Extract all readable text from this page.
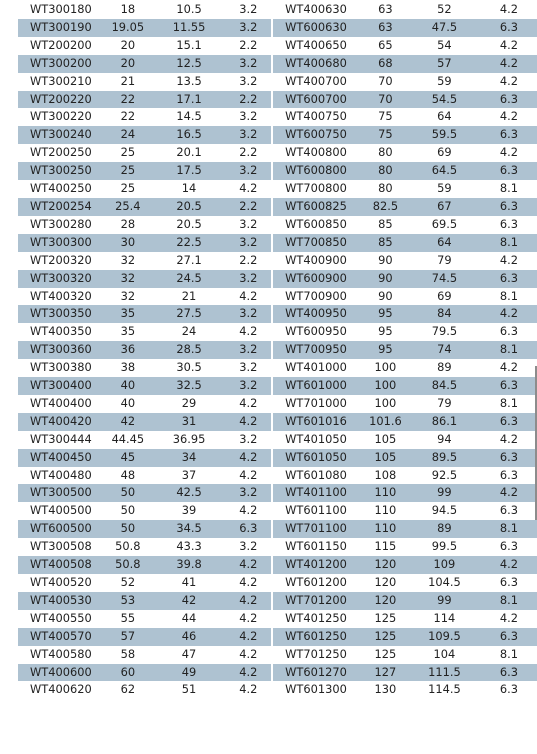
WT300180	18	10.5	3.2
WT300190	19.05	11.55	3.2
WT200200	20	15.1	2.2
WT300200	20	12.5	3.2
WT300210	21	13.5	3.2
WT200220	22	17.1	2.2
WT300220	22	14.5	3.2
WT300240	24	16.5	3.2
WT200250	25	20.1	2.2
WT300250	25	17.5	3.2
WT400250	25	14	4.2
WT200254	25.4	20.5	2.2
WT300280	28	20.5	3.2
WT300300	30	22.5	3.2
WT200320	32	27.1	2.2
WT300320	32	24.5	3.2
WT400320	32	21	4.2
WT300350	35	27.5	3.2
WT400350	35	24	4.2
WT300360	36	28.5	3.2
WT300380	38	30.5	3.2
WT300400	40	32.5	3.2
WT400400	40	29	4.2
WT400420	42	31	4.2
WT300444	44.45	36.95	3.2
WT400450	45	34	4.2
WT400480	48	37	4.2
WT300500	50	42.5	3.2
WT400500	50	39	4.2
WT600500	50	34.5	6.3
WT300508	50.8	43.3	3.2
WT400508	50.8	39.8	4.2
WT400520	52	41	4.2
WT400530	53	42	4.2
WT400550	55	44	4.2
WT400570	57	46	4.2
WT400580	58	47	4.2
WT400600	60	49	4.2
WT400620	62	51	4.2
WT400630	63	52	4.2
WT600630	63	47.5	6.3
WT400650	65	54	4.2
WT400680	68	57	4.2
WT400700	70	59	4.2
WT600700	70	54.5	6.3
WT400750	75	64	4.2
WT600750	75	59.5	6.3
WT400800	80	69	4.2
WT600800	80	64.5	6.3
WT700800	80	59	8.1
WT600825	82.5	67	6.3
WT600850	85	69.5	6.3
WT700850	85	64	8.1
WT400900	90	79	4.2
WT600900	90	74.5	6.3
WT700900	90	69	8.1
WT400950	95	84	4.2
WT600950	95	79.5	6.3
WT700950	95	74	8.1
WT401000	100	89	4.2
WT601000	100	84.5	6.3
WT701000	100	79	8.1
WT601016	101.6	86.1	6.3
WT401050	105	94	4.2
WT601050	105	89.5	6.3
WT601080	108	92.5	6.3
WT401100	110	99	4.2
WT601100	110	94.5	6.3
WT701100	110	89	8.1
WT601150	115	99.5	6.3
WT401200	120	109	4.2
WT601200	120	104.5	6.3
WT701200	120	99	8.1
WT401250	125	114	4.2
WT601250	125	109.5	6.3
WT701250	125	104	8.1
WT601270	127	111.5	6.3
WT601300	130	114.5	6.3
